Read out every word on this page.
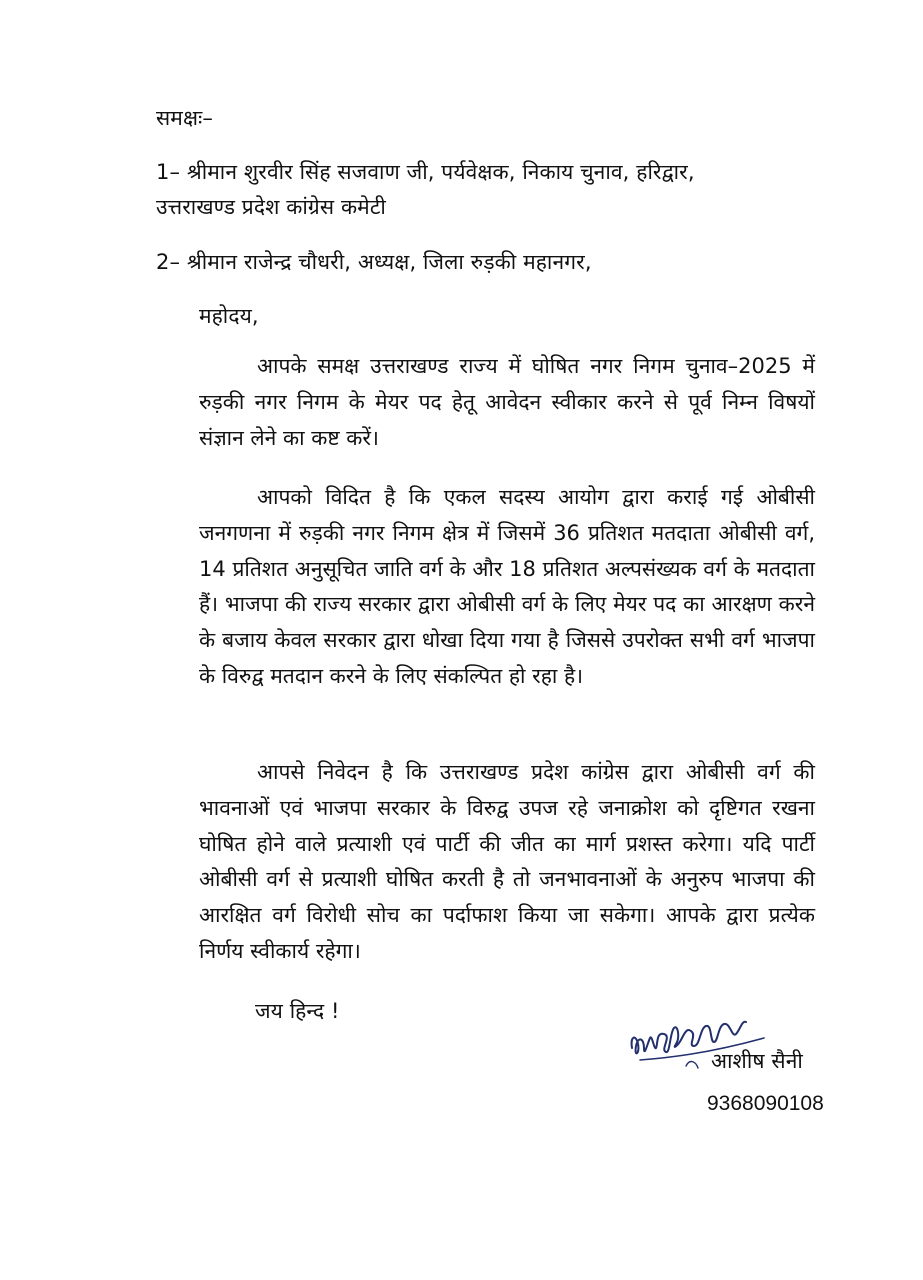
समक्षः–
1– श्रीमान शुरवीर सिंह सजवाण जी, पर्यवेक्षक, निकाय चुनाव, हरिद्वार,
उत्तराखण्ड प्रदेश कांग्रेस कमेटी
2– श्रीमान राजेन्द्र चौधरी, अध्यक्ष, जिला रुड़की महानगर,
महोदय,
आपके समक्ष उत्तराखण्ड राज्य में घोषित नगर निगम चुनाव–2025 में रुड़की नगर निगम के मेयर पद हेतू आवेदन स्वीकार करने से पूर्व निम्न विषयों संज्ञान लेने का कष्ट करें।
आपको विदित है कि एकल सदस्य आयोग द्वारा कराई गई ओबीसी जनगणना में रुड़की नगर निगम क्षेत्र में जिसमें 36 प्रतिशत मतदाता ओबीसी वर्ग, 14 प्रतिशत अनुसूचित जाति वर्ग के और 18 प्रतिशत अल्पसंख्यक वर्ग के मतदाता हैं। भाजपा की राज्य सरकार द्वारा ओबीसी वर्ग के लिए मेयर पद का आरक्षण करने के बजाय केवल सरकार द्वारा धोखा दिया गया है जिससे उपरोक्त सभी वर्ग भाजपा के विरुद्व मतदान करने के लिए संकल्पित हो रहा है।
आपसे निवेदन है कि उत्तराखण्ड प्रदेश कांग्रेस द्वारा ओबीसी वर्ग की भावनाओं एवं भाजपा सरकार के विरुद्व उपज रहे जनाक्रोश को दृष्टिगत रखना घोषित होने वाले प्रत्याशी एवं पार्टी की जीत का मार्ग प्रशस्त करेगा। यदि पार्टी ओबीसी वर्ग से प्रत्याशी घोषित करती है तो जनभावनाओं के अनुरुप भाजपा की आरक्षित वर्ग विरोधी सोच का पर्दाफाश किया जा सकेगा। आपके द्वारा प्रत्येक निर्णय स्वीकार्य रहेगा।
जय हिन्द !
आशीष सैनी
9368090108
